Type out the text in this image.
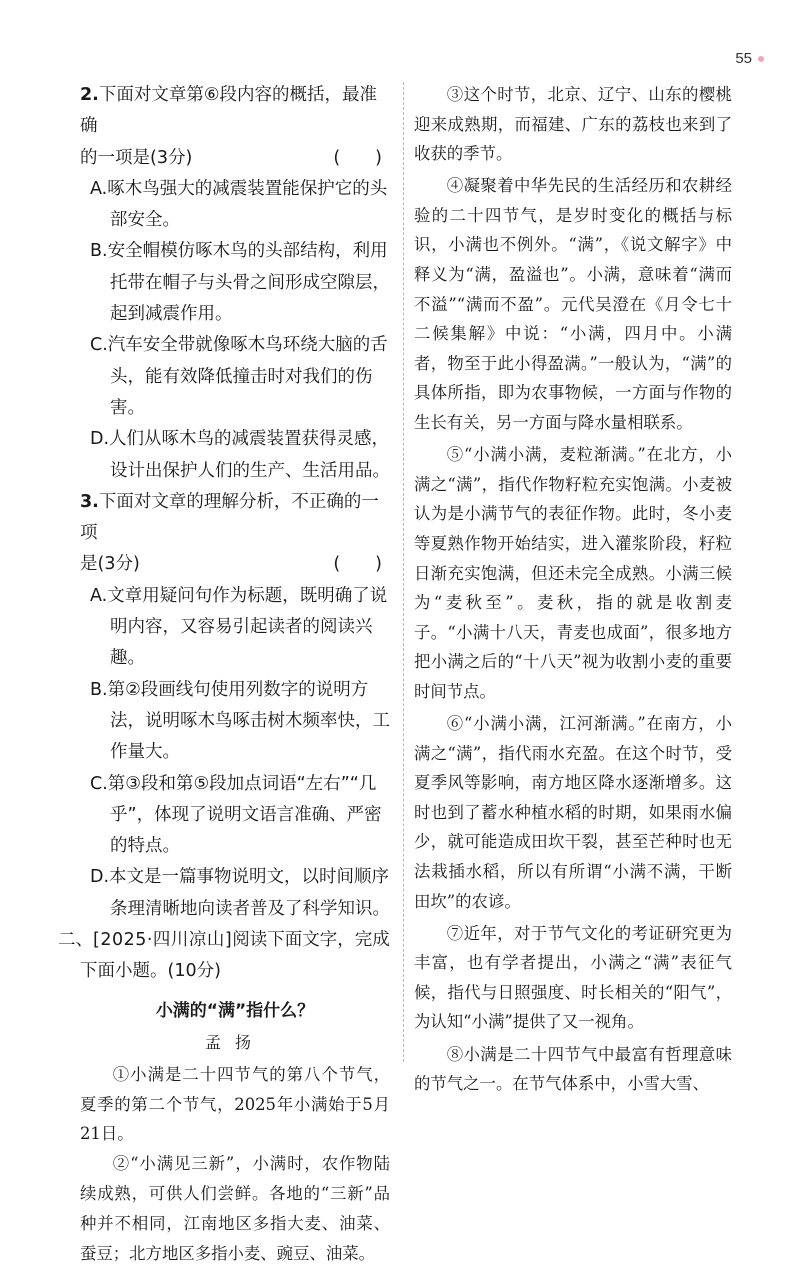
55

2.下面对文章第⑥段内容的概括，最准确

的一项是(3分)	(　　)

A.啄木鸟强大的减震装置能保护它的头部安全。

B.安全帽模仿啄木鸟的头部结构，利用托带在帽子与头骨之间形成空隙层，起到减震作用。

C.汽车安全带就像啄木鸟环绕大脑的舌头，能有效降低撞击时对我们的伤害。

D.人们从啄木鸟的减震装置获得灵感，设计出保护人们的生产、生活用品。

3.下面对文章的理解分析，不正确的一项

是(3分)	(　　)

A.文章用疑问句作为标题，既明确了说明内容，又容易引起读者的阅读兴趣。

B.第②段画线句使用列数字的说明方法，说明啄木鸟啄击树木频率快，工作量大。

C.第③段和第⑤段加点词语“左右”“几乎”，体现了说明文语言准确、严密的特点。

D.本文是一篇事物说明文，以时间顺序条理清晰地向读者普及了科学知识。

二、[2025·四川凉山]阅读下面文字，完成

下面小题。(10分)

小满的“满”指什么？

孟扬

①小满是二十四节气的第八个节气，夏季的第二个节气，2025年小满始于5月21日。

②“小满见三新”，小满时，农作物陆续成熟，可供人们尝鲜。各地的“三新”品种并不相同，江南地区多指大麦、油菜、蚕豆；北方地区多指小麦、豌豆、油菜。

③这个时节，北京、辽宁、山东的樱桃迎来成熟期，而福建、广东的荔枝也来到了收获的季节。

④凝聚着中华先民的生活经历和农耕经验的二十四节气，是岁时变化的概括与标识，小满也不例外。“满”，《说文解字》中释义为“满，盈溢也”。小满，意味着“满而不溢”“满而不盈”。元代吴澄在《月令七十二候集解》中说：“小满，四月中。小满者，物至于此小得盈满。”一般认为，“满”的具体所指，即为农事物候，一方面与作物的生长有关，另一方面与降水量相联系。

⑤“小满小满，麦粒渐满。”在北方，小满之“满”，指代作物籽粒充实饱满。小麦被认为是小满节气的表征作物。此时，冬小麦等夏熟作物开始结实，进入灌浆阶段，籽粒日渐充实饱满，但还未完全成熟。小满三候为“麦秋至”。麦秋，指的就是收割麦子。“小满十八天，青麦也成面”，很多地方把小满之后的“十八天”视为收割小麦的重要时间节点。

⑥“小满小满，江河渐满。”在南方，小满之“满”，指代雨水充盈。在这个时节，受夏季风等影响，南方地区降水逐渐增多。这时也到了蓄水种植水稻的时期，如果雨水偏少，就可能造成田坎干裂，甚至芒种时也无法栽插水稻，所以有所谓“小满不满，干断田坎”的农谚。

⑦近年，对于节气文化的考证研究更为丰富，也有学者提出，小满之“满”表征气候，指代与日照强度、时长相关的“阳气”，为认知“小满”提供了又一视角。

⑧小满是二十四节气中最富有哲理意味的节气之一。在节气体系中，小雪大雪、
